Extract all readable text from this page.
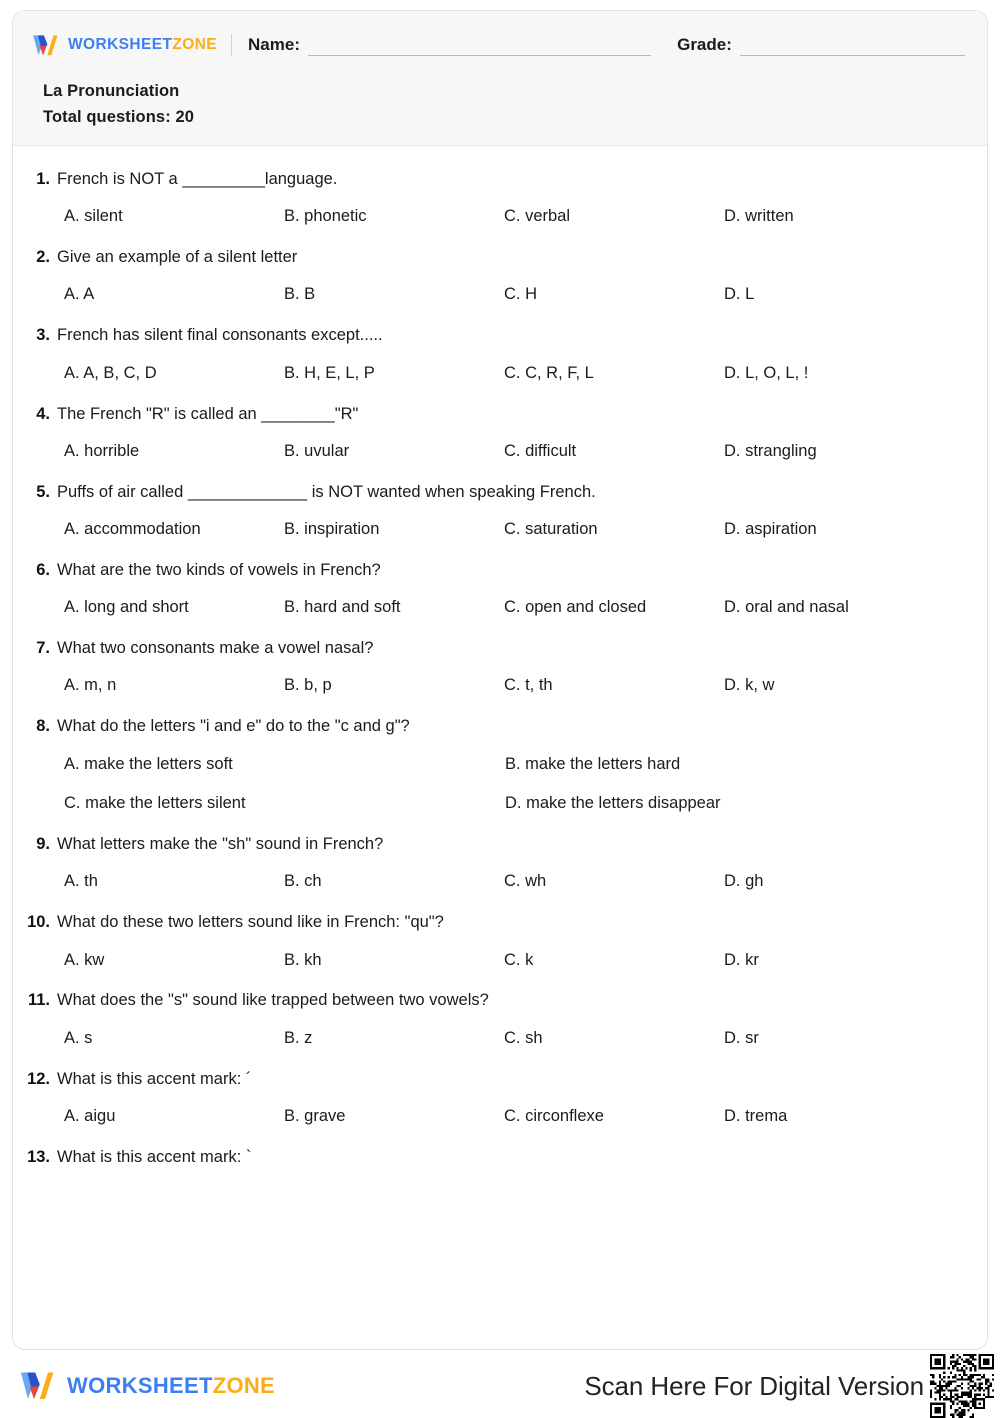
WORKSHEETZONE Name:	Grade:
La Pronunciation
Total questions: 20
1. French is NOT a _________language.
A. silent	B. phonetic	C. verbal	D. written
2. Give an example of a silent letter
A. A	B. B	C. H	D. L
3. French has silent final consonants except.....
A. A, B, C, D	B. H, E, L, P	C. C, R, F, L	D. L, O, L, !
4. The French "R" is called an ________"R"
A. horrible	B. uvular	C. difficult	D. strangling
5. Puffs of air called _____________ is NOT wanted when speaking French.
A. accommodation	B. inspiration	C. saturation	D. aspiration
6. What are the two kinds of vowels in French?
A. long and short	B. hard and soft	C. open and closed	D. oral and nasal
7. What two consonants make a vowel nasal?
A. m, n	B. b, p	C. t, th	D. k, w
8. What do the letters "i and e" do to the "c and g"?
A. make the letters soft	B. make the letters hard
C. make the letters silent	D. make the letters disappear
9. What letters make the "sh" sound in French?
A. th	B. ch	C. wh	D. gh
10. What do these two letters sound like in French: "qu"?
A. kw	B. kh	C. k	D. kr
11. What does the "s" sound like trapped between two vowels?
A. s	B. z	C. sh	D. sr
12. What is this accent mark: ´
A. aigu	B. grave	C. circonflexe	D. trema
13. What is this accent mark: `
WORKSHEETZONE	Scan Here For Digital Version
